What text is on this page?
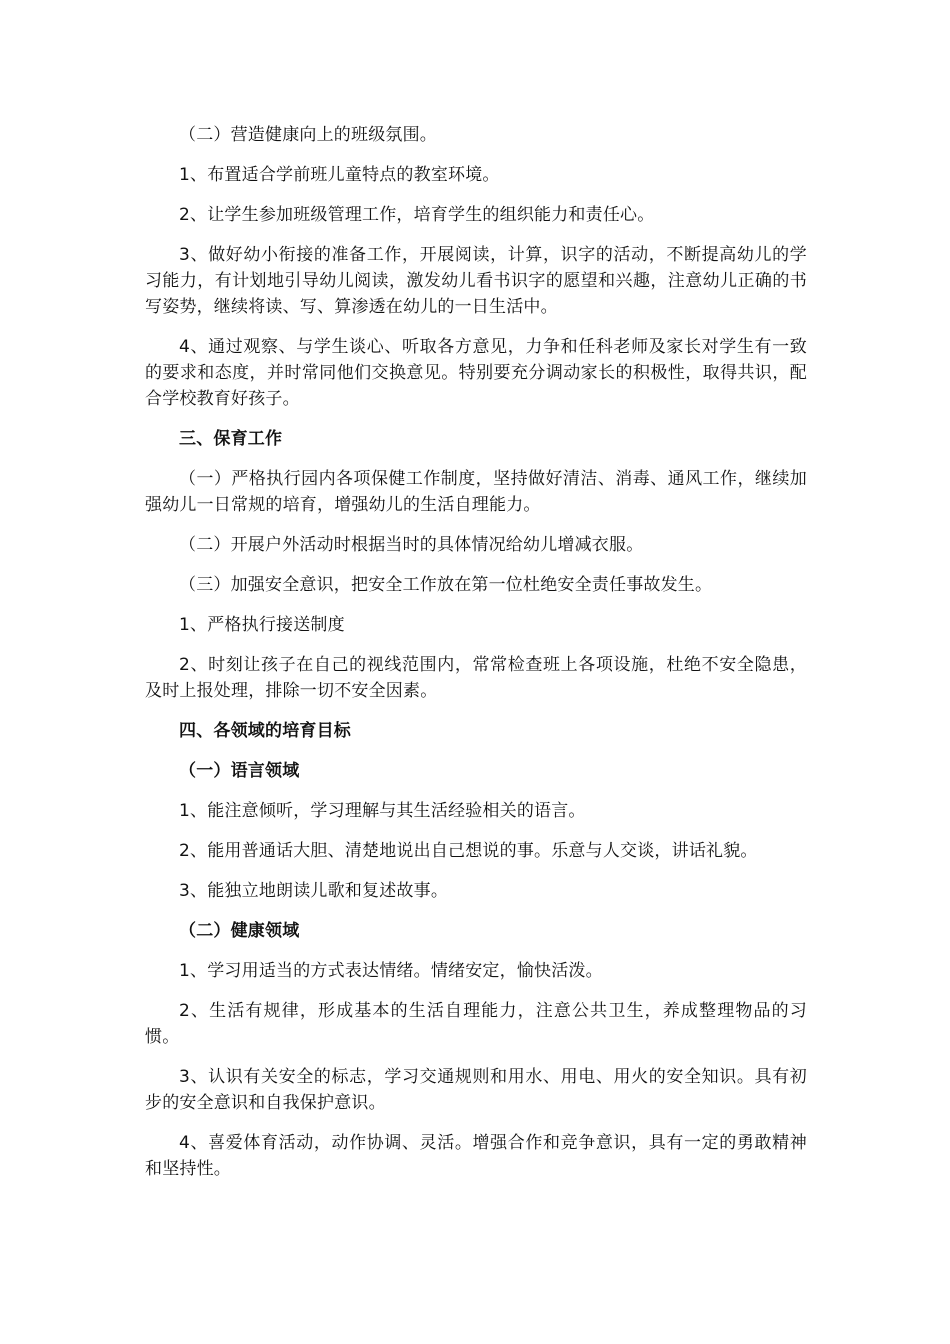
（二）营造健康向上的班级氛围。

1、布置适合学前班儿童特点的教室环境。

2、让学生参加班级管理工作，培育学生的组织能力和责任心。

3、做好幼小衔接的准备工作，开展阅读，计算，识字的活动，不断提高幼儿的学习能力，有计划地引导幼儿阅读，激发幼儿看书识字的愿望和兴趣，注意幼儿正确的书写姿势，继续将读、写、算渗透在幼儿的一日生活中。

4、通过观察、与学生谈心、听取各方意见，力争和任科老师及家长对学生有一致的要求和态度，并时常同他们交换意见。特别要充分调动家长的积极性，取得共识，配合学校教育好孩子。

三、保育工作

（一）严格执行园内各项保健工作制度，坚持做好清洁、消毒、通风工作，继续加强幼儿一日常规的培育，增强幼儿的生活自理能力。

（二）开展户外活动时根据当时的具体情况给幼儿增减衣服。

（三）加强安全意识，把安全工作放在第一位杜绝安全责任事故发生。

1、严格执行接送制度

2、时刻让孩子在自己的视线范围内，常常检查班上各项设施，杜绝不安全隐患，及时上报处理，排除一切不安全因素。

四、各领域的培育目标

（一）语言领域

1、能注意倾听，学习理解与其生活经验相关的语言。

2、能用普通话大胆、清楚地说出自己想说的事。乐意与人交谈，讲话礼貌。

3、能独立地朗读儿歌和复述故事。

（二）健康领域

1、学习用适当的方式表达情绪。情绪安定，愉快活泼。

2、生活有规律，形成基本的生活自理能力，注意公共卫生，养成整理物品的习惯。

3、认识有关安全的标志，学习交通规则和用水、用电、用火的安全知识。具有初步的安全意识和自我保护意识。

4、喜爱体育活动，动作协调、灵活。增强合作和竞争意识，具有一定的勇敢精神和坚持性。
